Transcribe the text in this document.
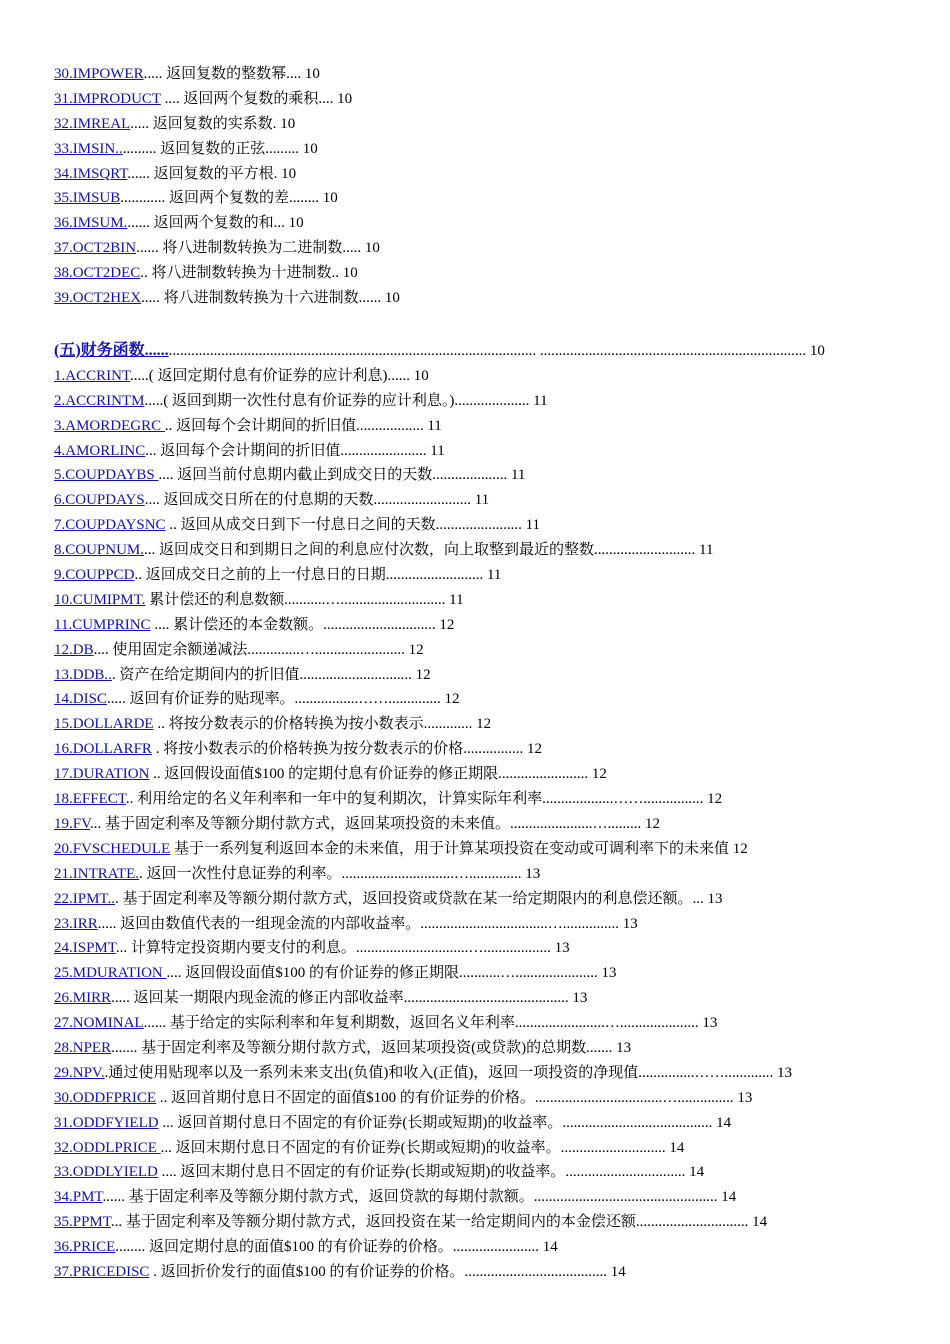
30.IMPOWER..... 返回复数的整数幂.... 10
31.IMPRODUCT .... 返回两个复数的乘积.... 10
32.IMREAL..... 返回复数的实系数. 10
33.IMSIN........... 返回复数的正弦......... 10
34.IMSQRT...... 返回复数的平方根. 10
35.IMSUB............ 返回两个复数的差........ 10
36.IMSUM....... 返回两个复数的和... 10
37.OCT2BIN...... 将八进制数转换为二进制数..... 10
38.OCT2DEC.. 将八进制数转换为十进制数.. 10
39.OCT2HEX..... 将八进制数转换为十六进制数...... 10
(五)财务函数........................................................................................................ ....................................................................... 10
1.ACCRINT.....( 返回定期付息有价证券的应计利息)...... 10
2.ACCRINTM.....( 返回到期一次性付息有价证券的应计利息。).................... 11
3.AMORDEGRC .. 返回每个会计期间的折旧值.................. 11
4.AMORLINC... 返回每个会计期间的折旧值....................... 11
5.COUPDAYBS .... 返回当前付息期内截止到成交日的天数.................... 11
6.COUPDAYS.... 返回成交日所在的付息期的天数.......................... 11
7.COUPDAYSNC .. 返回从成交日到下一付息日之间的天数....................... 11
8.COUPNUM.... 返回成交日和到期日之间的利息应付次数，向上取整到最近的整数........................... 11
9.COUPPCD.. 返回成交日之前的上一付息日的日期.......................... 11
10.CUMIPMT. 累计偿还的利息数额...........…............................ 11
11.CUMPRINC .... 累计偿还的本金数额。.............................. 12
12.DB.... 使用固定余额递减法..............…........................ 12
13.DDB... 资产在给定期间内的折旧值.............................. 12
14.DISC..... 返回有价证券的贴现率。.................…….............. 12
15.DOLLARDE .. 将按分数表示的价格转换为按小数表示............. 12
16.DOLLARFR . 将按小数表示的价格转换为按分数表示的价格................ 12
17.DURATION .. 返回假设面值$100 的定期付息有价证券的修正期限........................ 12
18.EFFECT.. 利用给定的名义年利率和一年中的复利期次，计算实际年利率...................……................ 12
19.FV... 基于固定利率及等额分期付款方式，返回某项投资的未来值。......................…......... 12
20.FVSCHEDULE 基于一系列复利返回本金的未来值，用于计算某项投资在变动或可调利率下的未来值 12
21.INTRATE.. 返回一次性付息证券的利率。..............................….............. 13
22.IPMT... 基于固定利率及等额分期付款方式，返回投资或贷款在某一给定期限内的利息偿还额。... 13
23.IRR..... 返回由数值代表的一组现金流的内部收益率。..................................…............... 13
24.ISPMT... 计算特定投资期内要支付的利息。..............................….................. 13
25.MDURATION .... 返回假设面值$100 的有价证券的修正期限...........…...................... 13
26.MIRR..... 返回某一期限内现金流的修正内部收益率............................................ 13
27.NOMINAL...... 基于给定的实际利率和年复利期数，返回名义年利率........................…..................... 13
28.NPER....... 基于固定利率及等额分期付款方式，返回某项投资(或贷款)的总期数....... 13
29.NPV..通过使用贴现率以及一系列未来支出(负值)和收入(正值)，返回一项投资的净现值...............……............. 13
30.ODDFPRICE .. 返回首期付息日不固定的面值$100 的有价证券的价格。..................................…............... 13
31.ODDFYIELD ... 返回首期付息日不固定的有价证券(长期或短期)的收益率。........................................ 14
32.ODDLPRICE ... 返回末期付息日不固定的有价证券(长期或短期)的收益率。............................ 14
33.ODDLYIELD .... 返回末期付息日不固定的有价证券(长期或短期)的收益率。................................ 14
34.PMT...... 基于固定利率及等额分期付款方式，返回贷款的每期付款额。................................................. 14
35.PPMT... 基于固定利率及等额分期付款方式，返回投资在某一给定期间内的本金偿还额.............................. 14
36.PRICE........ 返回定期付息的面值$100 的有价证券的价格。....................... 14
37.PRICEDISC . 返回折价发行的面值$100 的有价证券的价格。...................................... 14
